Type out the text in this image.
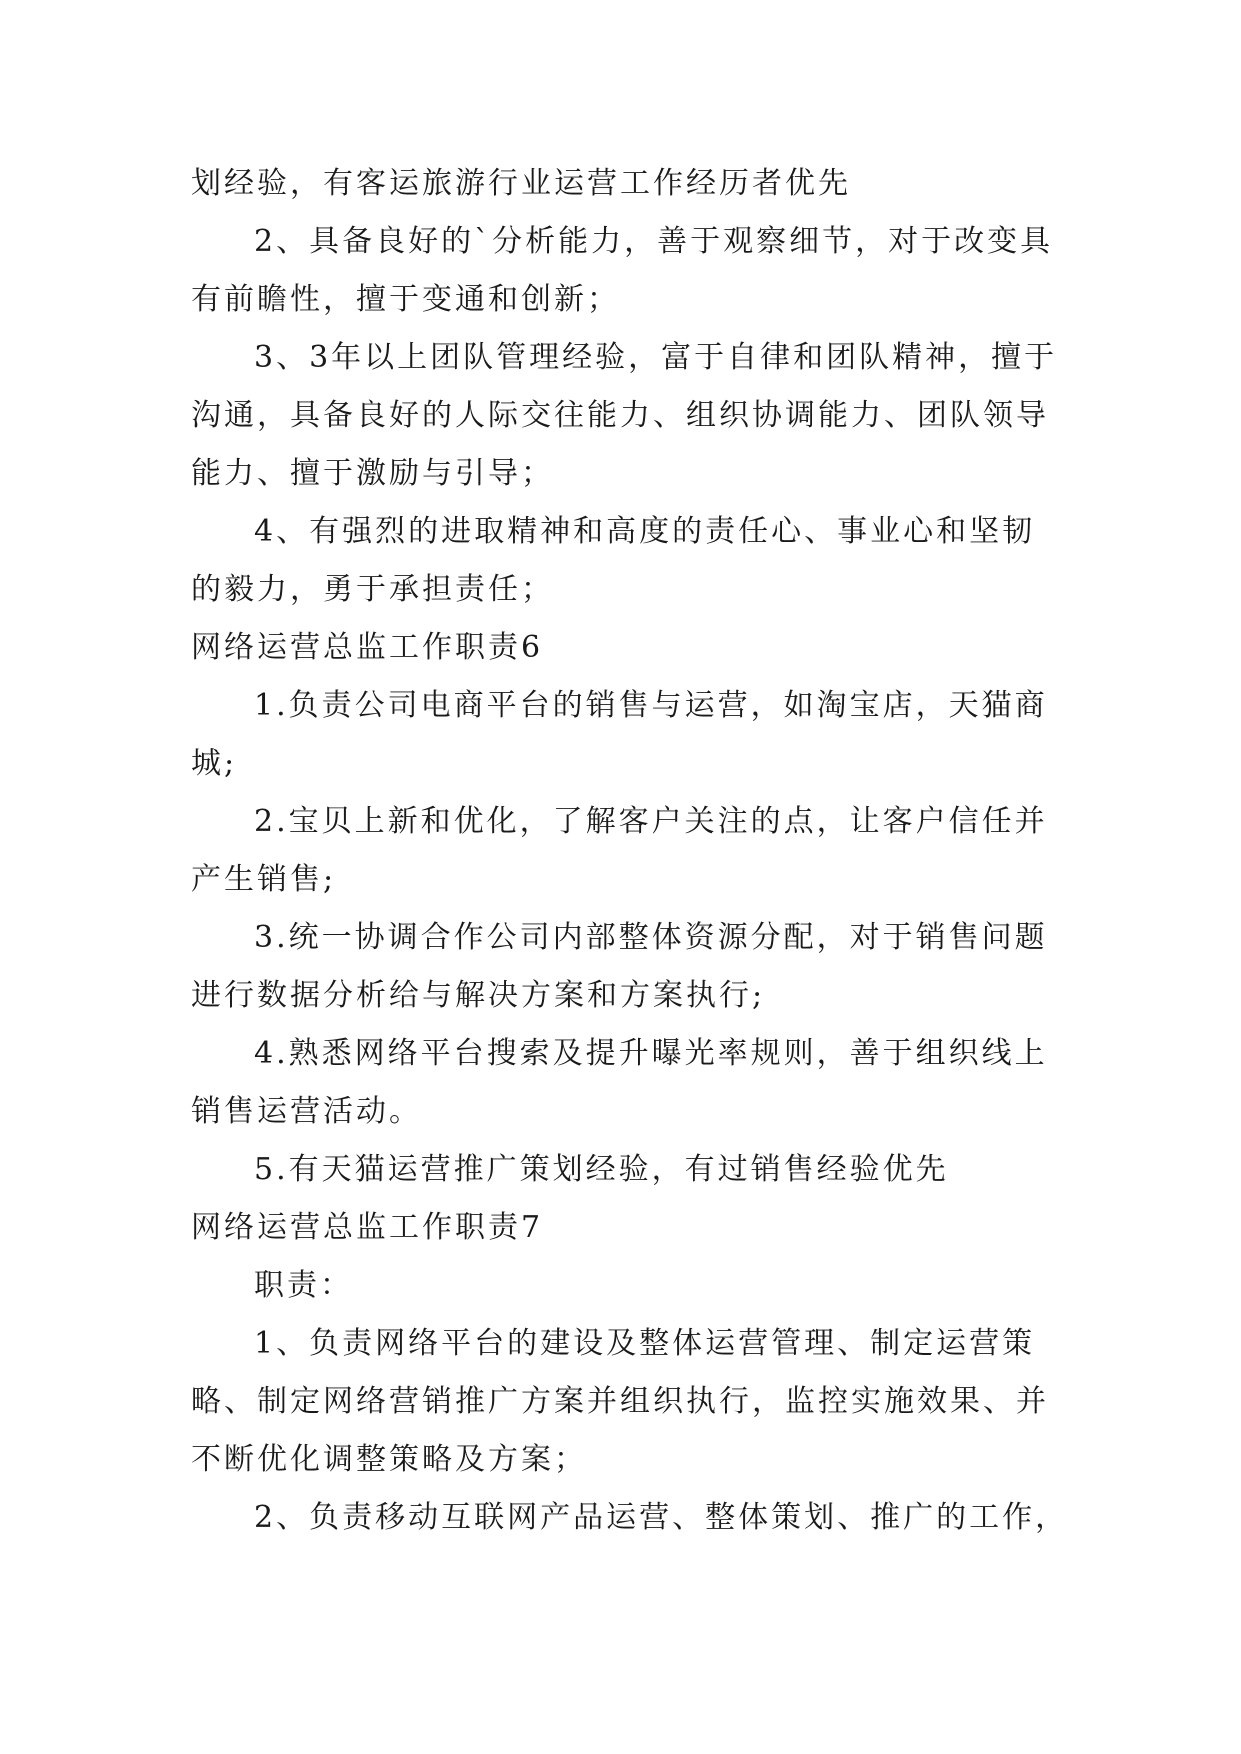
划经验，有客运旅游行业运营工作经历者优先
2、具备良好的`分析能力，善于观察细节，对于改变具
有前瞻性，擅于变通和创新；
3、3年以上团队管理经验，富于自律和团队精神，擅于
沟通，具备良好的人际交往能力、组织协调能力、团队领导
能力、擅于激励与引导；
4、有强烈的进取精神和高度的责任心、事业心和坚韧
的毅力，勇于承担责任；
网络运营总监工作职责6
1.负责公司电商平台的销售与运营，如淘宝店，天猫商
城;
2.宝贝上新和优化，了解客户关注的点，让客户信任并
产生销售;
3.统一协调合作公司内部整体资源分配，对于销售问题
进行数据分析给与解决方案和方案执行;
4.熟悉网络平台搜索及提升曝光率规则，善于组织线上
销售运营活动。
5.有天猫运营推广策划经验，有过销售经验优先
网络运营总监工作职责7
职责：
1、负责网络平台的建设及整体运营管理、制定运营策
略、制定网络营销推广方案并组织执行，监控实施效果、并
不断优化调整策略及方案；
2、负责移动互联网产品运营、整体策划、推广的工作，
